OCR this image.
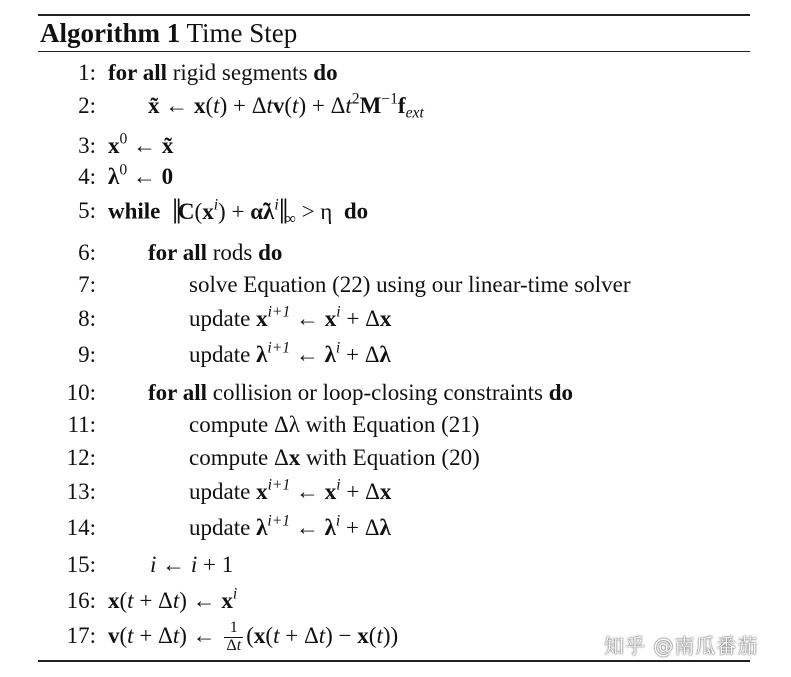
Algorithm 1 Time Step
1: for all rigid segments do
2: x̃ ← $x(t) + \Delta tv(t) + \Delta t^2M^{-1}f_{ext}$
3: $x^0$ ← x̃
4: $\lambda^0$ ← 0
5: while $‖C(x^i)$ + $\alphã\lambda^i‖_\infty > \eta$ do
6: for all rods do
7:	solve Equation (22) using our linear-time solver
8:	update $x^{i+1}$ ← $x^i + \Delta x$
9:	update $\lambda^{i+1}$ ← $\lambda^i + \Delta\lambda$
10: for all collision or loop-closing constraints do
11:	compute Δλ with Equation (21)
12:	compute Δx with Equation (20)
13:	update $x^{i+1}$ ← $x^i + \Delta x$
14:	update $\lambda^{i+1}$ ← $\lambda^i + \Delta\lambda$
15: i ← i + 1
16: x(t + Δt) ← $x^i$
17: v(t + Δt) ← $\frac{1}{\Delta t} (x(t + \Delta t) - x(t))$	知乎 @南瓜番茄
